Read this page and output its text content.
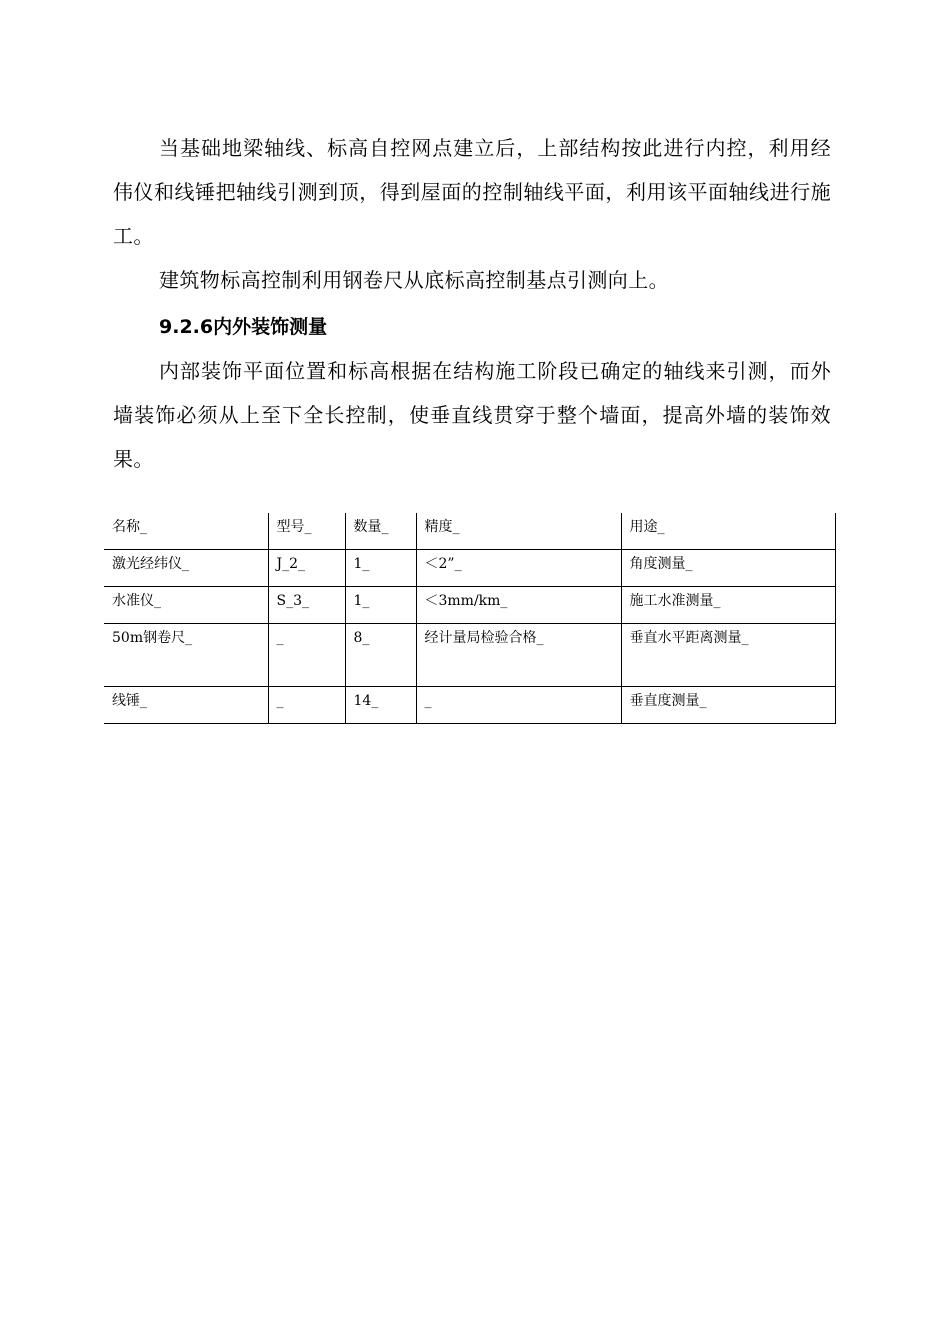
当基础地梁轴线、标高自控网点建立后，上部结构按此进行内控，利用经伟仪和线锤把轴线引测到顶，得到屋面的控制轴线平面，利用该平面轴线进行施工。

建筑物标高控制利用钢卷尺从底标高控制基点引测向上。

9.2.6内外装饰测量

内部装饰平面位置和标高根据在结构施工阶段已确定的轴线来引测，而外墙装饰必须从上至下全长控制，使垂直线贯穿于整个墙面，提高外墙的装饰效果。

名称_	型号_	数量_	精度_	用途_
激光经纬仪_	J_2_	1_	＜2”_	角度测量_
水准仪_	S_3_	1_	＜3mm/km_	施工水准测量_
50m钢卷尺_	_	8_	经计量局检验合格_	垂直水平距离测量_
线锤_	_	14_	_	垂直度测量_
